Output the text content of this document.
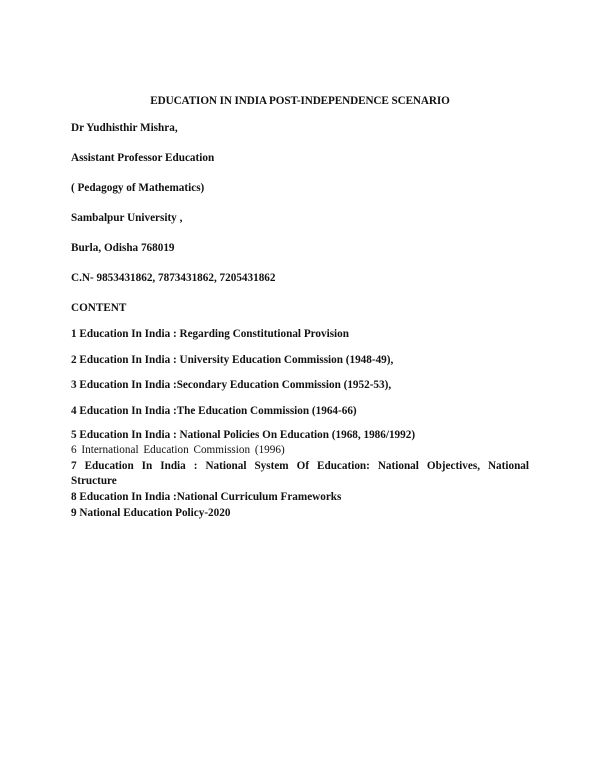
EDUCATION IN INDIA POST-INDEPENDENCE SCENARIO
Dr Yudhisthir Mishra,
Assistant Professor Education
( Pedagogy of Mathematics)
Sambalpur University ,
Burla, Odisha 768019
C.N- 9853431862, 7873431862, 7205431862
CONTENT
1 Education In India : Regarding Constitutional Provision
2 Education In India : University Education Commission (1948-49),
3 Education In India :Secondary Education Commission (1952-53),
4 Education In India :The Education Commission (1964-66)
5 Education In India : National Policies On Education (1968, 1986/1992)
6 International Education Commission (1996)
7 Education In India : National System Of Education: National Objectives, National
Structure
8 Education In India :National Curriculum Frameworks
9 National Education Policy-2020
